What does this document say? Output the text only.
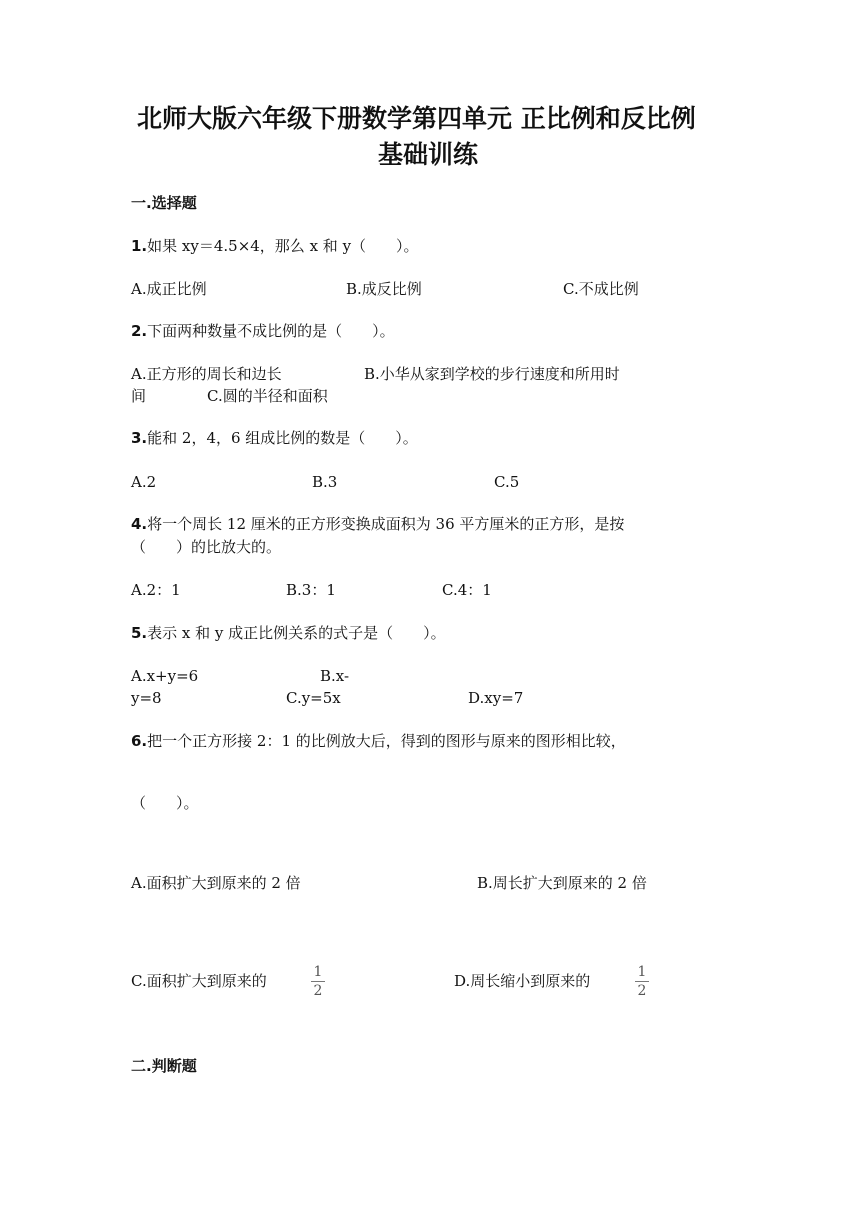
北师大版六年级下册数学第四单元 正比例和反比例
基础训练
一.选择题
1.如果 xy＝4.5×4，那么 x 和 y（　　）。
A.成正比例	B.成反比例	C.不成比例
2.下面两种数量不成比例的是（　　）。
A.正方形的周长和边长	B.小华从家到学校的步行速度和所用时
间	C.圆的半径和面积
3.能和 2，4，6 组成比例的数是（　　）。
A.2	B.3	C.5
4.将一个周长 12 厘米的正方形变换成面积为 36 平方厘米的正方形，是按
（　　）的比放大的。
A.2：1	B.3：1	C.4：1
5.表示 x 和 y 成正比例关系的式子是（　　）。
A.x+y=6	B.x-
y=8	C.y=5x	D.xy=7
6.把一个正方形接 2：1 的比例放大后，得到的图形与原来的图形相比较，
（　　）。
A.面积扩大到原来的 2 倍	B.周长扩大到原来的 2 倍
C.面积扩大到原来的	1
2
D.周长缩小到原来的	1
2
二.判断题
